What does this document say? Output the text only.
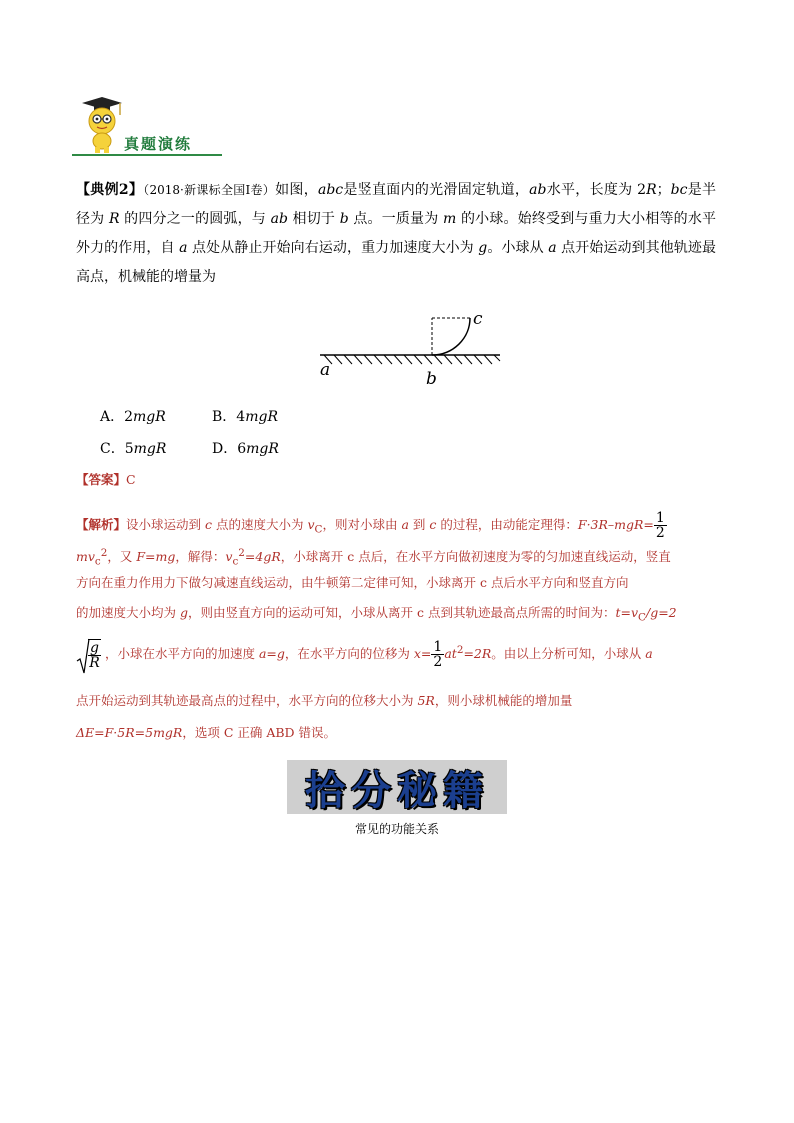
真题演练
【典例2】（2018·新课标全国Ⅰ卷）如图，abc是竖直面内的光滑固定轨道，ab水平，长度为 2R；bc是半径为 R 的四分之一的圆弧，与 ab 相切于 b 点。一质量为 m 的小球。始终受到与重力大小相等的水平外力的作用，自 a 点处从静止开始向右运动，重力加速度大小为 g。小球从 a 点开始运动到其他轨迹最高点，机械能的增量为
a	b
c
A．2mgR	B．4mgR
C．5mgR	D．6mgR
【答案】C
【解析】设小球运动到 c 点的速度大小为 $v_C$，则对小球由 a 到 c 的过程，由动能定理得：$F\cdot 3R-mgR= \frac{1}{2}$
$mv_c^2$，又 F=mg，解得：$v_c^2=4gR$，小球离开 c 点后，在水平方向做初速度为零的匀加速直线运动，竖直
方向在重力作用力下做匀减速直线运动，由牛顿第二定律可知，小球离开 c 点后水平方向和竖直方向
的加速度大小均为 g，则由竖直方向的运动可知，小球从离开 c 点到其轨迹最高点所需的时间为：$t=v_C/g=2$
$\frac{g}{R}$ ，小球在水平方向的加速度 a=g，在水平方向的位移为 $x= \frac{1}{2} at^2=2R$。由以上分析可知，小球从 a
点开始运动到其轨迹最高点的过程中，水平方向的位移大小为 5R，则小球机械能的增加量
ΔE=F·5R=5mgR，选项 C 正确 ABD 错误。
拾分秘籍
常见的功能关系
